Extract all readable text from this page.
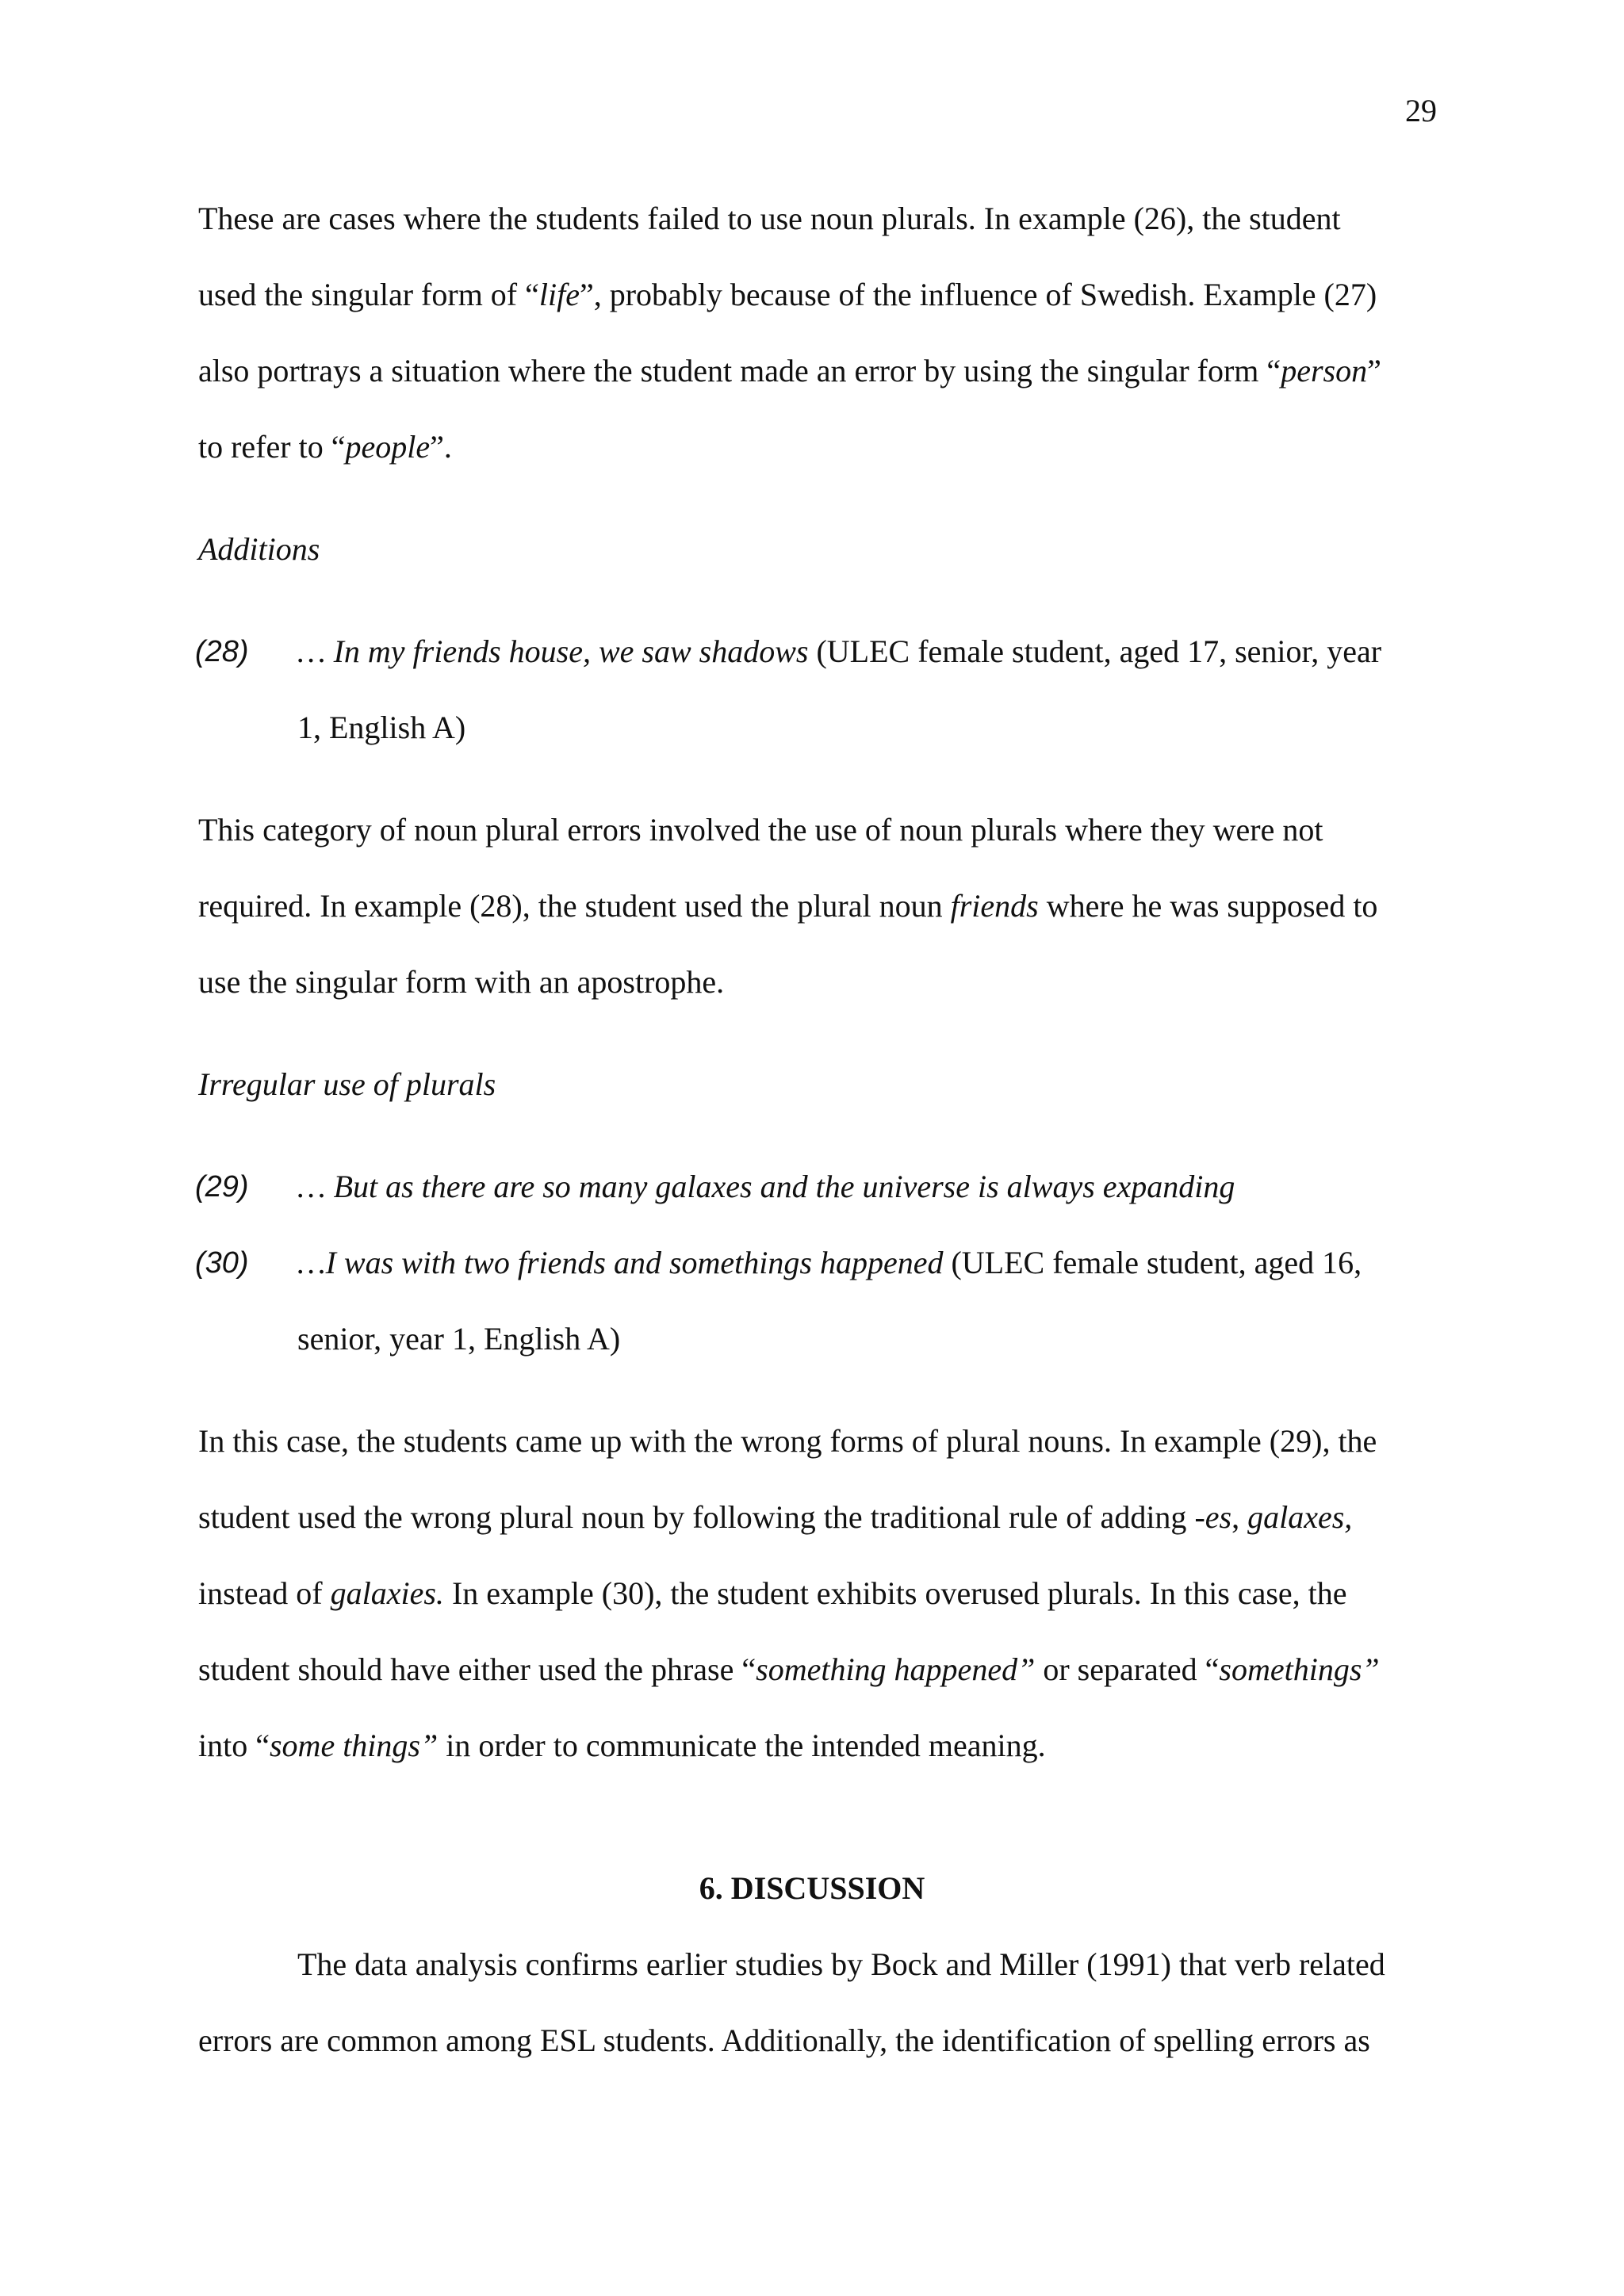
29
These are cases where the students failed to use noun plurals. In example (26), the student
used the singular form of “life”, probably because of the influence of Swedish. Example (27)
also portrays a situation where the student made an error by using the singular form “person”
to refer to “people”.
Additions
(28) … In my friends house, we saw shadows (ULEC female student, aged 17, senior, year
1, English A)
This category of noun plural errors involved the use of noun plurals where they were not
required. In example (28), the student used the plural noun friends where he was supposed to
use the singular form with an apostrophe.
Irregular use of plurals
(29) … But as there are so many galaxes and the universe is always expanding
(30) …I was with two friends and somethings happened (ULEC female student, aged 16,
senior, year 1, English A)
In this case, the students came up with the wrong forms of plural nouns. In example (29), the
student used the wrong plural noun by following the traditional rule of adding -es, galaxes,
instead of galaxies. In example (30), the student exhibits overused plurals. In this case, the
student should have either used the phrase “something happened” or separated “somethings”
into “some things” in order to communicate the intended meaning.
6. DISCUSSION
The data analysis confirms earlier studies by Bock and Miller (1991) that verb related
errors are common among ESL students. Additionally, the identification of spelling errors as
